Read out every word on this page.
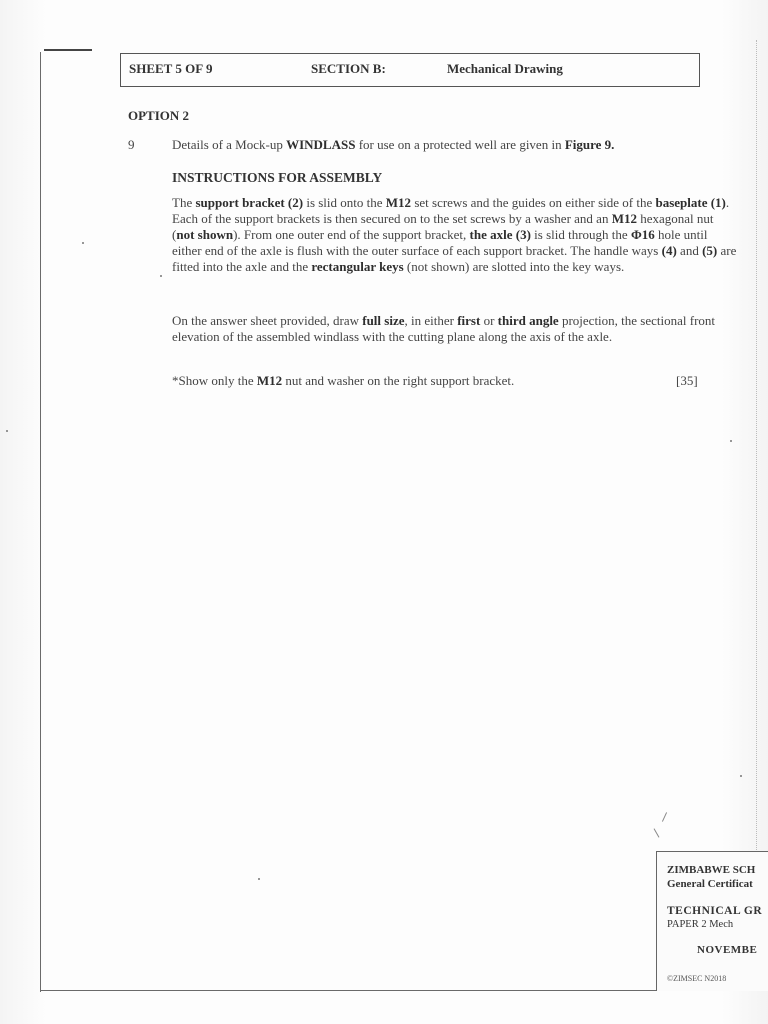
SHEET 5 OF 9	SECTION B:	Mechanical Drawing
OPTION 2
9	Details of a Mock-up WINDLASS for use on a protected well are given in Figure 9.

INSTRUCTIONS FOR ASSEMBLY

The support bracket (2) is slid onto the M12 set screws and the guides on either side of the baseplate (1). Each of the support brackets is then secured on to the set screws by a washer and an M12 hexagonal nut (not shown). From one outer end of the support bracket, the axle (3) is slid through the Φ16 hole until either end of the axle is flush with the outer surface of each support bracket. The handle ways (4) and (5) are fitted into the axle and the rectangular keys (not shown) are slotted into the key ways.

On the answer sheet provided, draw full size, in either first or third angle projection, the sectional front elevation of the assembled windlass with the cutting plane along the axis of the axle.

*Show only the M12 nut and washer on the right support bracket.	[35]
ZIMBABWE SCH
General Certificat
TECHNICAL GR
PAPER 2 Mech
NOVEMBE
©ZIMSEC N2018
